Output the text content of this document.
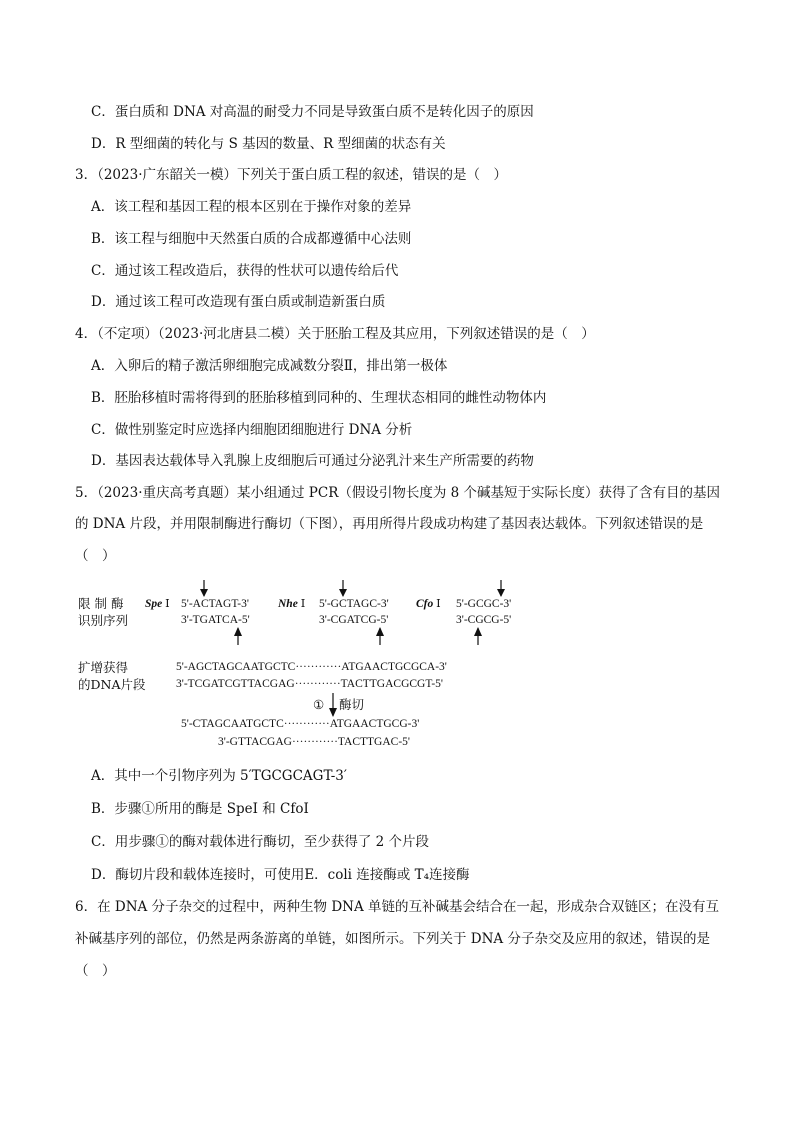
C．蛋白质和 DNA 对高温的耐受力不同是导致蛋白质不是转化因子的原因
D．R 型细菌的转化与 S 基因的数量、R 型细菌的状态有关
3．（2023·广东韶关一模）下列关于蛋白质工程的叙述，错误的是（　）
A．该工程和基因工程的根本区别在于操作对象的差异
B．该工程与细胞中天然蛋白质的合成都遵循中心法则
C．通过该工程改造后，获得的性状可以遗传给后代
D．通过该工程可改造现有蛋白质或制造新蛋白质
4．（不定项）（2023·河北唐县二模）关于胚胎工程及其应用，下列叙述错误的是（　）
A．入卵后的精子激活卵细胞完成减数分裂Ⅱ，排出第一极体
B．胚胎移植时需将得到的胚胎移植到同种的、生理状态相同的雌性动物体内
C．做性别鉴定时应选择内细胞团细胞进行 DNA 分析
D．基因表达载体导入乳腺上皮细胞后可通过分泌乳汁来生产所需要的药物
5．（2023·重庆高考真题）某小组通过 PCR（假设引物长度为 8 个碱基短于实际长度）获得了含有目的基因
的 DNA 片段，并用限制酶进行酶切（下图），再用所得片段成功构建了基因表达载体。下列叙述错误的是
（　）
限 制 酶
识别序列
Spe Ⅰ 5'-ACTAGT-3'
3'-TGATCA-5'
Nhe Ⅰ 5'-GCTAGC-3'
3'-CGATCG-5'
Cfo Ⅰ 5'-GCGC-3'
3'-CGCG-5'
扩增获得
的DNA片段
5'-AGCTAGCAATGCTC············ATGAACTGCGCA-3'
3'-TCGATCGTTACGAG············TACTTGACGCGT-5'
① 酶切
5'-CTAGCAATGCTC············ATGAACTGCG-3'
3'-GTTACGAG············TACTTGAC-5'
A．其中一个引物序列为 5′TGCGCAGT-3′
B．步骤①所用的酶是 SpeI 和 CfoI
C．用步骤①的酶对载体进行酶切，至少获得了 2 个片段
D．酶切片段和载体连接时，可使用E．coli 连接酶或 T₄连接酶
6．在 DNA 分子杂交的过程中，两种生物 DNA 单链的互补碱基会结合在一起，形成杂合双链区；在没有互
补碱基序列的部位，仍然是两条游离的单链，如图所示。下列关于 DNA 分子杂交及应用的叙述，错误的是
（　）
